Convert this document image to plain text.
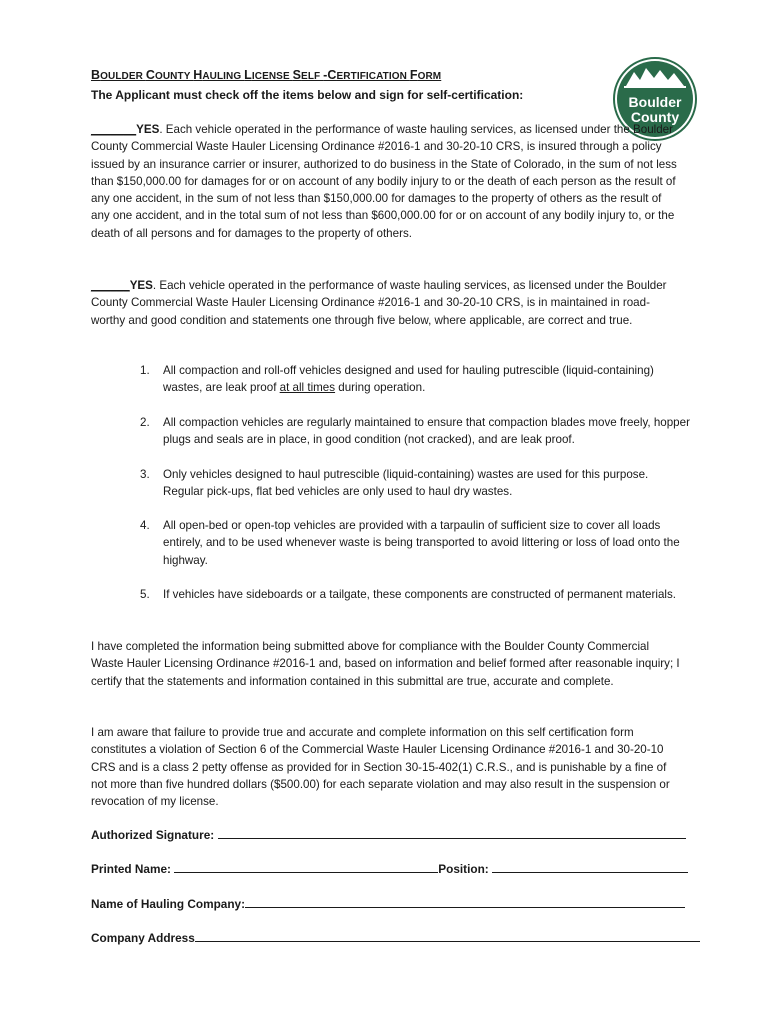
BOULDER COUNTY HAULING LICENSE SELF -CERTIFICATION FORM
The Applicant must check off the items below and sign for self-certification:	Boulder
County
_______YES. Each vehicle operated in the performance of waste hauling services, as licensed under the Boulder County Commercial Waste Hauler Licensing Ordinance #2016-1 and 30-20-10 CRS, is insured through a policy issued by an insurance carrier or insurer, authorized to do business in the State of Colorado, in the sum of not less than $150,000.00 for damages for or on account of any bodily injury to or the death of each person as the result of any one accident, in the sum of not less than $150,000.00 for damages to the property of others as the result of any one accident, and in the total sum of not less than $600,000.00 for or on account of any bodily injury to, or the death of all persons and for damages to the property of others.
______YES. Each vehicle operated in the performance of waste hauling services, as licensed under the Boulder County Commercial Waste Hauler Licensing Ordinance #2016-1 and 30-20-10 CRS, is in maintained in road-worthy and good condition and statements one through five below, where applicable, are correct and true.
1. All compaction and roll-off vehicles designed and used for hauling putrescible (liquid-containing) wastes, are leak proof at all times during operation.
2. All compaction vehicles are regularly maintained to ensure that compaction blades move freely, hopper plugs and seals are in place, in good condition (not cracked), and are leak proof.
3. Only vehicles designed to haul putrescible (liquid-containing) wastes are used for this purpose. Regular pick-ups, flat bed vehicles are only used to haul dry wastes.
4. All open-bed or open-top vehicles are provided with a tarpaulin of sufficient size to cover all loads entirely, and to be used whenever waste is being transported to avoid littering or loss of load onto the highway.
5. If vehicles have sideboards or a tailgate, these components are constructed of permanent materials.
I have completed the information being submitted above for compliance with the Boulder County Commercial Waste Hauler Licensing Ordinance #2016-1 and, based on information and belief formed after reasonable inquiry; I certify that the statements and information contained in this submittal are true, accurate and complete.
I am aware that failure to provide true and accurate and complete information on this self certification form constitutes a violation of Section 6 of the Commercial Waste Hauler Licensing Ordinance #2016-1 and 30-20-10 CRS and is a class 2 petty offense as provided for in Section 30-15-402(1) C.R.S., and is punishable by a fine of not more than five hundred dollars ($500.00) for each separate violation and may also result in the suspension or revocation of my license.
Authorized Signature:
Printed Name:	Position:
Name of Hauling Company:
Company Address
